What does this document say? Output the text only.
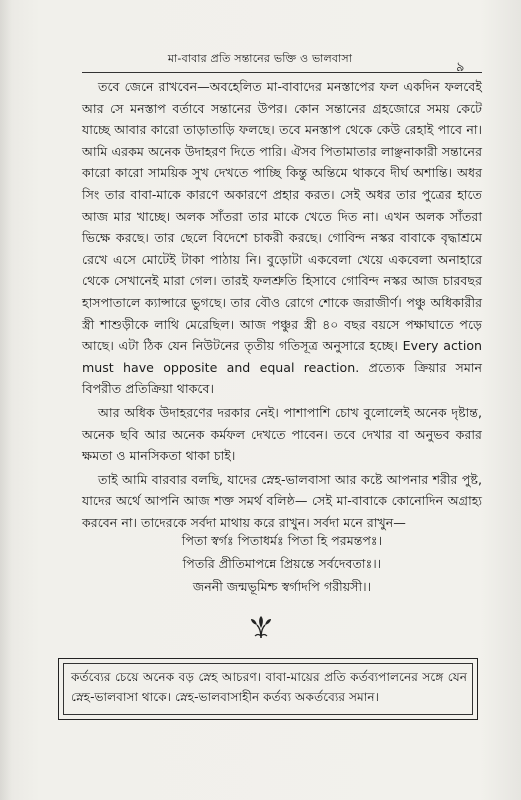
মা-বাবার প্রতি সন্তানের ভক্তি ও ভালবাসা
৯

তবে জেনে রাখবেন—অবহেলিত মা-বাবাদের মনস্তাপের ফল একদিন ফলবেই আর সে মনস্তাপ বর্তাবে সন্তানের উপর। কোন সন্তানের গ্রহজোরে সময় কেটে যাচ্ছে আবার কারো তাড়াতাড়ি ফলছে। তবে মনস্তাপ থেকে কেউ রেহাই পাবে না। আমি এরকম অনেক উদাহরণ দিতে পারি। ঐসব পিতামাতার লাঞ্ছনাকারী সন্তানের কারো কারো সাময়িক সুখ দেখতে পাচ্ছি কিন্তু অন্তিমে থাকবে দীর্ঘ অশান্তি। অধর সিং তার বাবা-মাকে কারণে অকারণে প্রহার করত। সেই অধর তার পুত্রের হাতে আজ মার খাচ্ছে। অলক সাঁতরা তার মাকে খেতে দিত না। এখন অলক সাঁতরা ভিক্ষে করছে। তার ছেলে বিদেশে চাকরী করছে। গোবিন্দ নস্কর বাবাকে বৃদ্ধাশ্রমে রেখে এসে মোটেই টাকা পাঠায় নি। বুড়োটা একবেলা খেয়ে একবেলা অনাহারে থেকে সেখানেই মারা গেল। তারই ফলশ্রুতি হিসাবে গোবিন্দ নস্কর আজ চারবছর হাসপাতালে ক্যান্সারে ভুগছে। তার বৌও রোগে শোকে জরাজীর্ণ। পঞ্চু অধিকারীর স্ত্রী শাশুড়ীকে লাথি মেরেছিল। আজ পঞ্চুর স্ত্রী ৪০ বছর বয়সে পক্ষাঘাতে পড়ে আছে। এটা ঠিক যেন নিউটনের তৃতীয় গতিসূত্র অনুসারে হচ্ছে। Every action must have opposite and equal reaction. প্রত্যেক ক্রিয়ার সমান বিপরীত প্রতিক্রিয়া থাকবে।

আর অধিক উদাহরণের দরকার নেই। পাশাপাশি চোখ বুলোলেই অনেক দৃষ্টান্ত, অনেক ছবি আর অনেক কর্মফল দেখতে পাবেন। তবে দেখার বা অনুভব করার ক্ষমতা ও মানসিকতা থাকা চাই।

তাই আমি বারবার বলছি, যাদের স্নেহ-ভালবাসা আর কষ্টে আপনার শরীর পুষ্ট, যাদের অর্থে আপনি আজ শক্ত সমর্থ বলিষ্ঠ— সেই মা-বাবাকে কোনোদিন অগ্রাহ্য করবেন না। তাদেরকে সর্বদা মাথায় করে রাখুন। সর্বদা মনে রাখুন—

পিতা স্বর্গঃ পিতাধর্মঃ পিতা হি পরমন্তপঃ।
পিতরি প্রীতিমাপন্নে প্রিয়ন্তে সর্বদেবতাঃ।।
জননী জন্মভূমিশ্চ স্বর্গাদপি গরীয়সী।।
কর্তব্যের চেয়ে অনেক বড় স্নেহ আচরণ। বাবা-মায়ের প্রতি কর্তব্যপালনের সঙ্গে যেন স্নেহ-ভালবাসা থাকে। স্নেহ-ভালবাসাহীন কর্তব্য অকর্তব্যের সমান।
